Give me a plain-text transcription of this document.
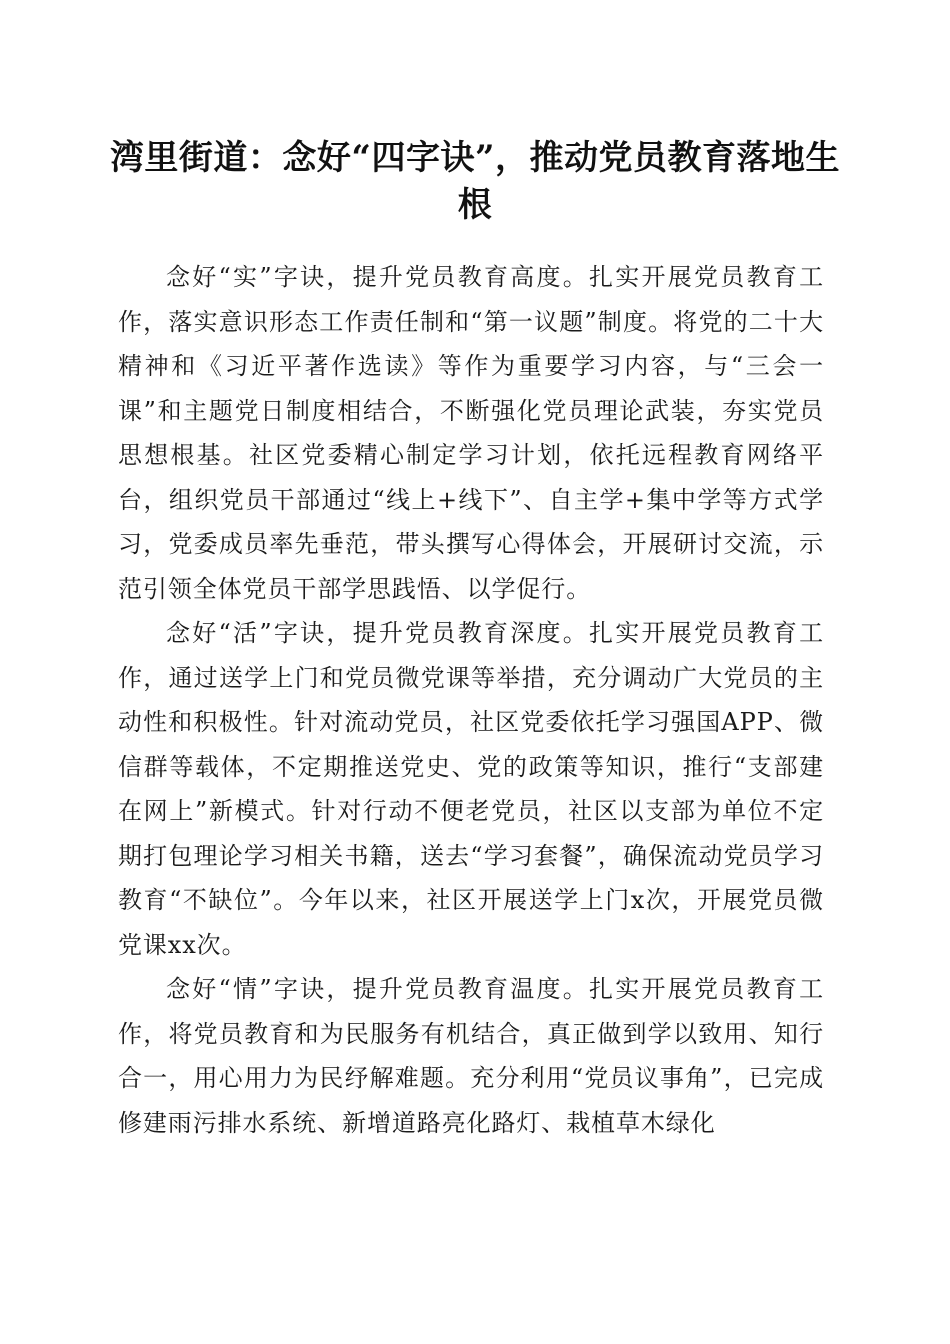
湾里街道：念好“四字诀”，推动党员教育落地生根

念好“实”字诀，提升党员教育高度。扎实开展党员教育工作，落实意识形态工作责任制和“第一议题”制度。将党的二十大精神和《习近平著作选读》等作为重要学习内容，与“三会一课”和主题党日制度相结合，不断强化党员理论武装，夯实党员思想根基。社区党委精心制定学习计划，依托远程教育网络平台，组织党员干部通过“线上+线下”、自主学+集中学等方式学习，党委成员率先垂范，带头撰写心得体会，开展研讨交流，示范引领全体党员干部学思践悟、以学促行。

念好“活”字诀，提升党员教育深度。扎实开展党员教育工作，通过送学上门和党员微党课等举措，充分调动广大党员的主动性和积极性。针对流动党员，社区党委依托学习强国APP、微信群等载体，不定期推送党史、党的政策等知识，推行“支部建在网上”新模式。针对行动不便老党员，社区以支部为单位不定期打包理论学习相关书籍，送去“学习套餐”，确保流动党员学习教育“不缺位”。今年以来，社区开展送学上门x次，开展党员微党课xx次。

念好“情”字诀，提升党员教育温度。扎实开展党员教育工作，将党员教育和为民服务有机结合，真正做到学以致用、知行合一，用心用力为民纾解难题。充分利用“党员议事角”，已完成修建雨污排水系统、新增道路亮化路灯、栽植草木绿化
